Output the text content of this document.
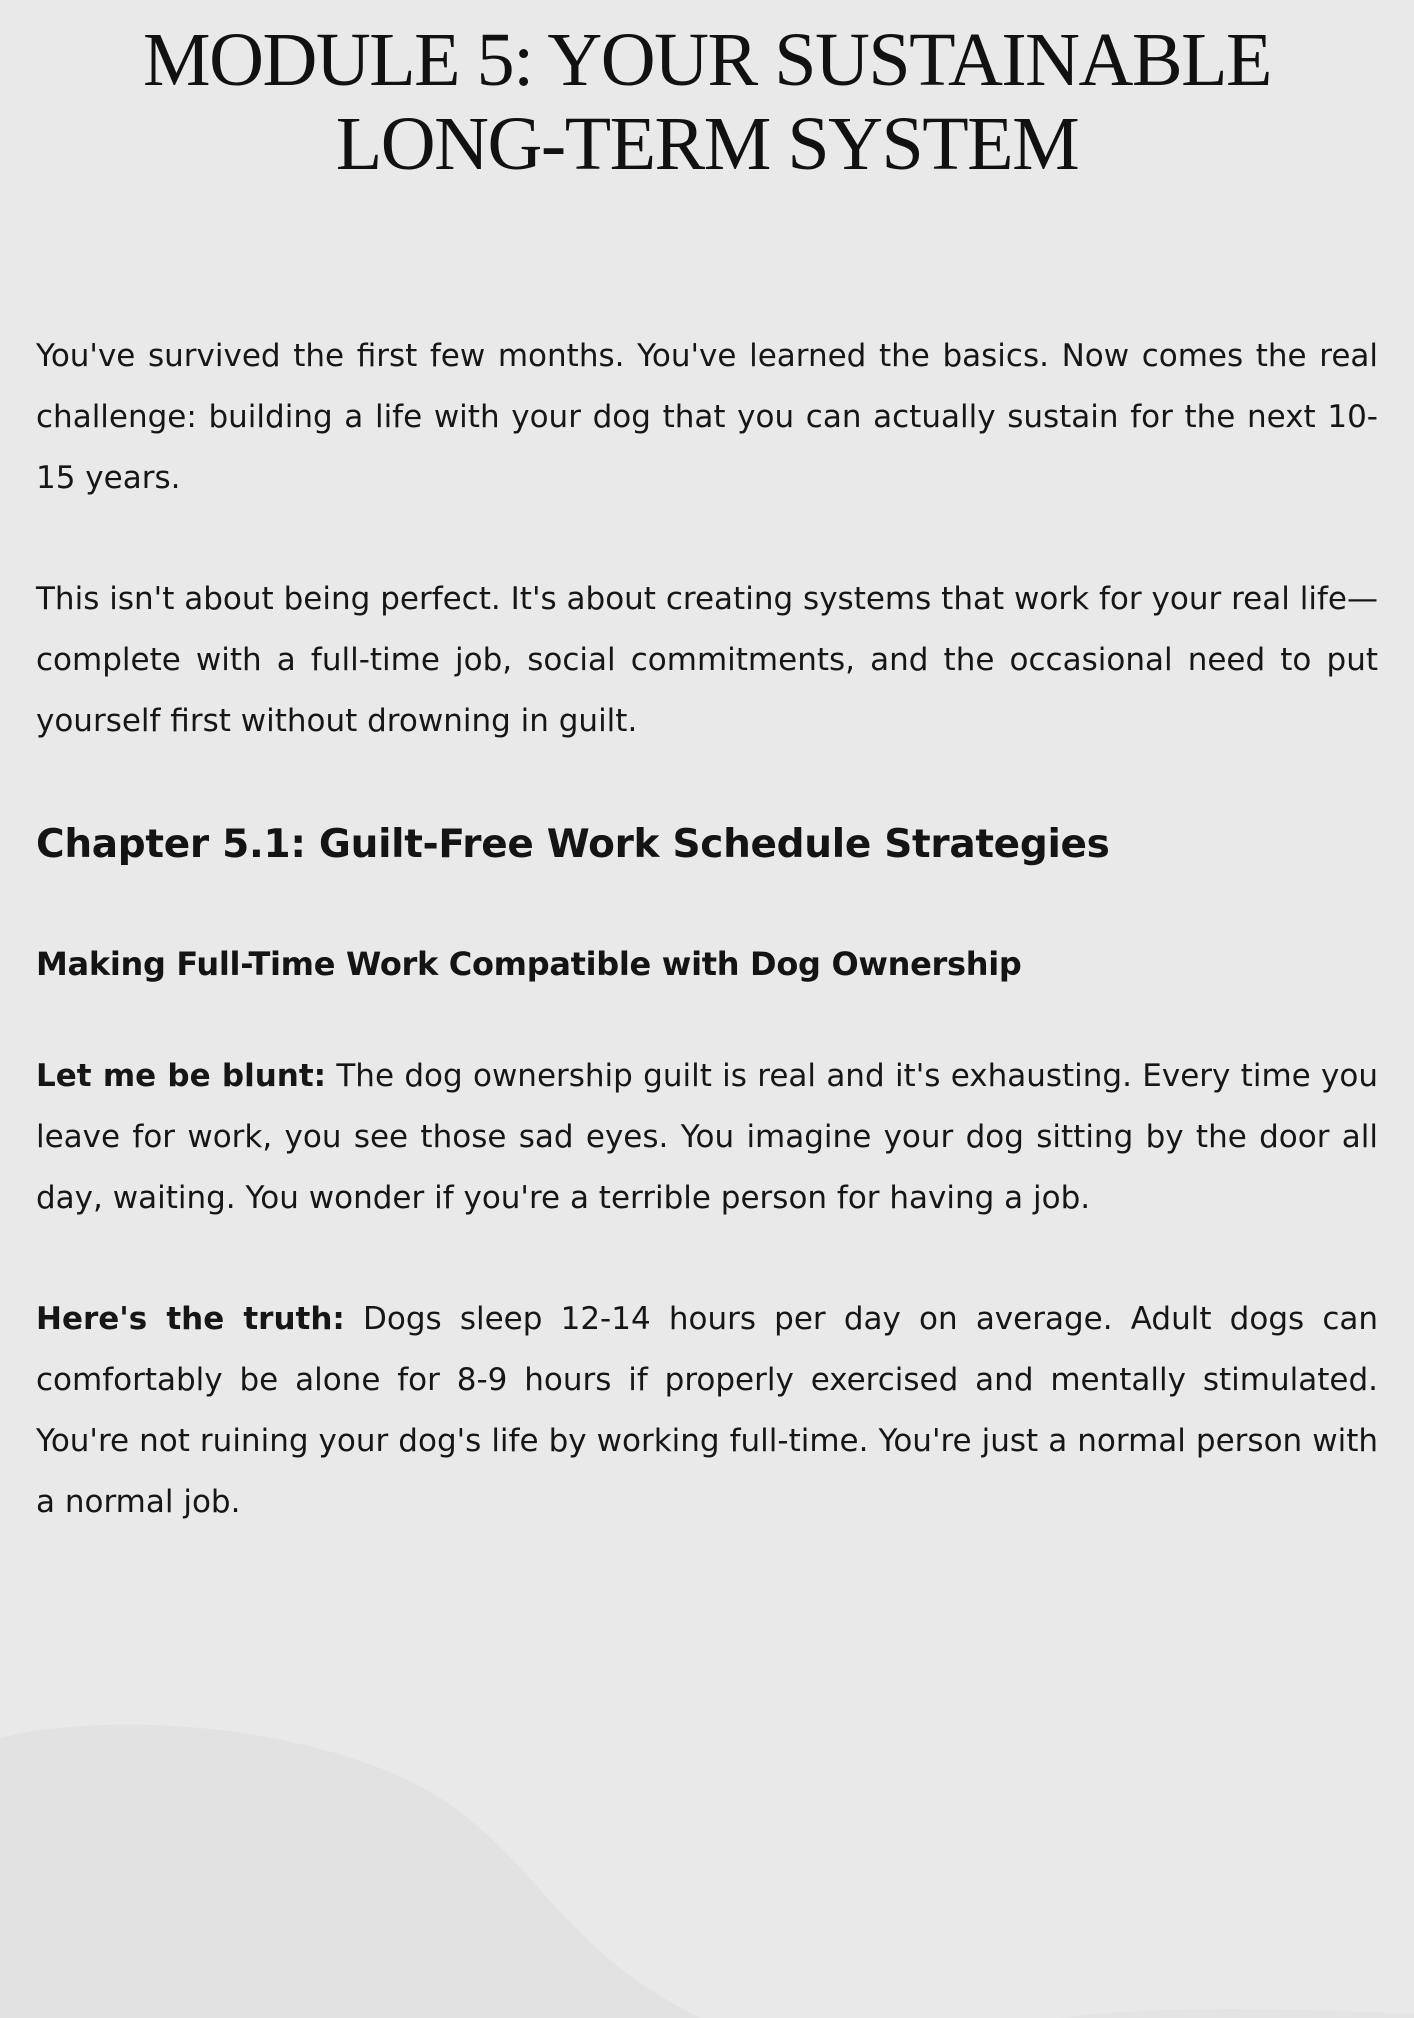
MODULE 5: YOUR SUSTAINABLE
LONG-TERM SYSTEM

You've survived the first few months. You've learned the basics. Now comes the real challenge: building a life with your dog that you can actually sustain for the next 10-15 years.

This isn't about being perfect. It's about creating systems that work for your real life—complete with a full-time job, social commitments, and the occasional need to put yourself first without drowning in guilt.

Chapter 5.1: Guilt-Free Work Schedule Strategies
Making Full-Time Work Compatible with Dog Ownership

Let me be blunt: The dog ownership guilt is real and it's exhausting. Every time you leave for work, you see those sad eyes. You imagine your dog sitting by the door all day, waiting. You wonder if you're a terrible person for having a job.

Here's the truth: Dogs sleep 12-14 hours per day on average. Adult dogs can comfortably be alone for 8-9 hours if properly exercised and mentally stimulated. You're not ruining your dog's life by working full-time. You're just a normal person with a normal job.
